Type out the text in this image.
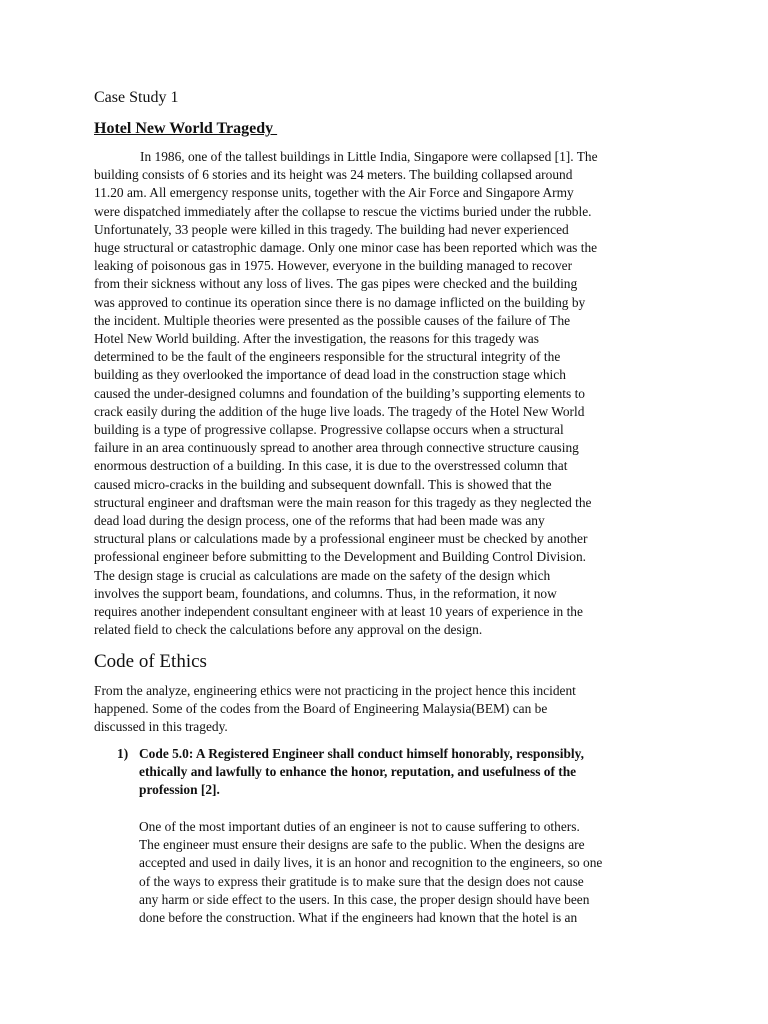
Case Study 1
Hotel New World Tragedy
In 1986, one of the tallest buildings in Little India, Singapore were collapsed [1]. The
building consists of 6 stories and its height was 24 meters. The building collapsed around
11.20 am. All emergency response units, together with the Air Force and Singapore Army
were dispatched immediately after the collapse to rescue the victims buried under the rubble.
Unfortunately, 33 people were killed in this tragedy. The building had never experienced
huge structural or catastrophic damage. Only one minor case has been reported which was the
leaking of poisonous gas in 1975. However, everyone in the building managed to recover
from their sickness without any loss of lives. The gas pipes were checked and the building
was approved to continue its operation since there is no damage inflicted on the building by
the incident. Multiple theories were presented as the possible causes of the failure of The
Hotel New World building. After the investigation, the reasons for this tragedy was
determined to be the fault of the engineers responsible for the structural integrity of the
building as they overlooked the importance of dead load in the construction stage which
caused the under-designed columns and foundation of the building’s supporting elements to
crack easily during the addition of the huge live loads. The tragedy of the Hotel New World
building is a type of progressive collapse. Progressive collapse occurs when a structural
failure in an area continuously spread to another area through connective structure causing
enormous destruction of a building. In this case, it is due to the overstressed column that
caused micro-cracks in the building and subsequent downfall. This is showed that the
structural engineer and draftsman were the main reason for this tragedy as they neglected the
dead load during the design process, one of the reforms that had been made was any
structural plans or calculations made by a professional engineer must be checked by another
professional engineer before submitting to the Development and Building Control Division.
The design stage is crucial as calculations are made on the safety of the design which
involves the support beam, foundations, and columns. Thus, in the reformation, it now
requires another independent consultant engineer with at least 10 years of experience in the
related field to check the calculations before any approval on the design.
Code of Ethics
From the analyze, engineering ethics were not practicing in the project hence this incident
happened. Some of the codes from the Board of Engineering Malaysia(BEM) can be
discussed in this tragedy.
1) Code 5.0: A Registered Engineer shall conduct himself honorably, responsibly,
ethically and lawfully to enhance the honor, reputation, and usefulness of the
profession [2].
One of the most important duties of an engineer is not to cause suffering to others.
The engineer must ensure their designs are safe to the public. When the designs are
accepted and used in daily lives, it is an honor and recognition to the engineers, so one
of the ways to express their gratitude is to make sure that the design does not cause
any harm or side effect to the users. In this case, the proper design should have been
done before the construction. What if the engineers had known that the hotel is an
